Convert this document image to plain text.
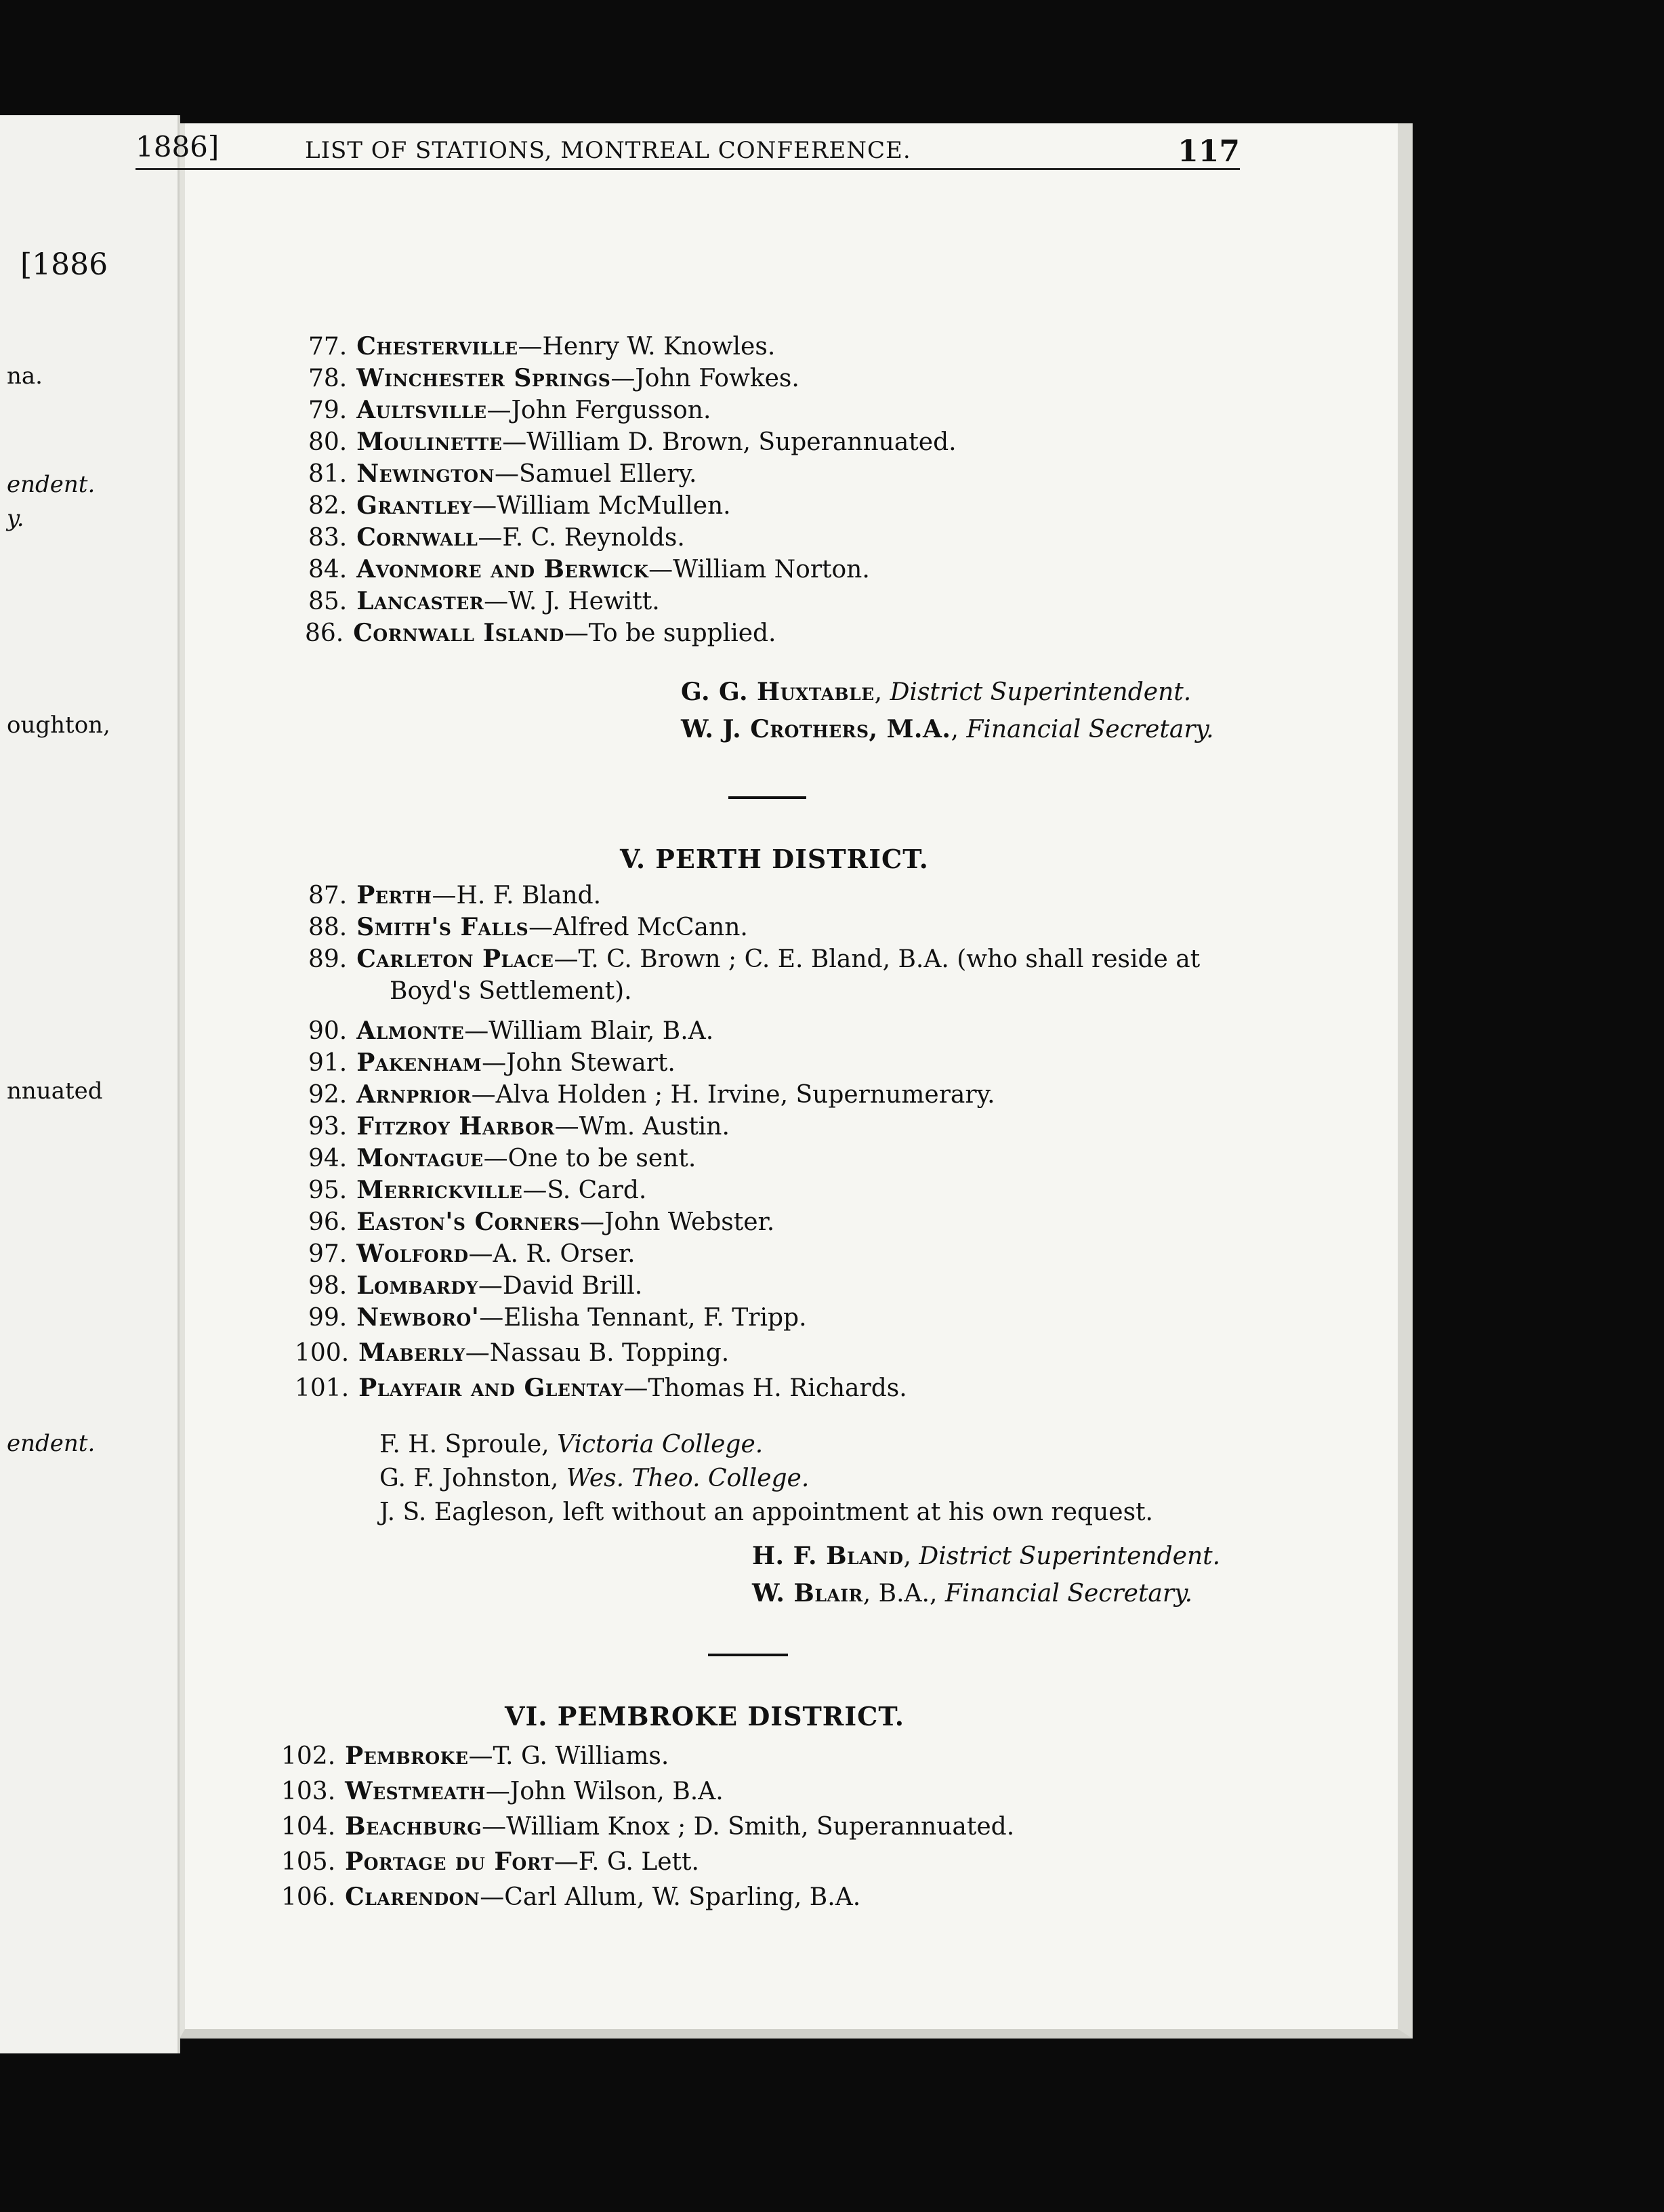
[1886
na.
endent.
y.
oughton,
nnuated
endent.
1886]	LIST OF STATIONS, MONTREAL CONFERENCE.	117
77. Chesterville—Henry W. Knowles.
78. Winchester Springs—John Fowkes.
79. Aultsville—John Fergusson.
80. Moulinette—William D. Brown, Superannuated.
81. Newington—Samuel Ellery.
82. Grantley—William McMullen.
83. Cornwall—F. C. Reynolds.
84. Avonmore and Berwick—William Norton.
85. Lancaster—W. J. Hewitt.
86. Cornwall Island—To be supplied.
G. G. Huxtable, District Superintendent.
W. J. Crothers, M.A., Financial Secretary.
V. PERTH DISTRICT.
87. Perth—H. F. Bland.
88. Smith's Falls—Alfred McCann.
89. Carleton Place—T. C. Brown ; C. E. Bland, B.A. (who shall reside at
Boyd's Settlement).
90. Almonte—William Blair, B.A.
91. Pakenham—John Stewart.
92. Arnprior—Alva Holden ; H. Irvine, Supernumerary.
93. Fitzroy Harbor—Wm. Austin.
94. Montague—One to be sent.
95. Merrickville—S. Card.
96. Easton's Corners—John Webster.
97. Wolford—A. R. Orser.
98. Lombardy—David Brill.
99. Newboro'—Elisha Tennant, F. Tripp.
100. Maberly—Nassau B. Topping.
101. Playfair and Glentay—Thomas H. Richards.
F. H. Sproule, Victoria College.
G. F. Johnston, Wes. Theo. College.
J. S. Eagleson, left without an appointment at his own request.
H. F. Bland, District Superintendent.
W. Blair, B.A., Financial Secretary.
VI. PEMBROKE DISTRICT.
102. Pembroke—T. G. Williams.
103. Westmeath—John Wilson, B.A.
104. Beachburg—William Knox ; D. Smith, Superannuated.
105. Portage du Fort—F. G. Lett.
106. Clarendon—Carl Allum, W. Sparling, B.A.
